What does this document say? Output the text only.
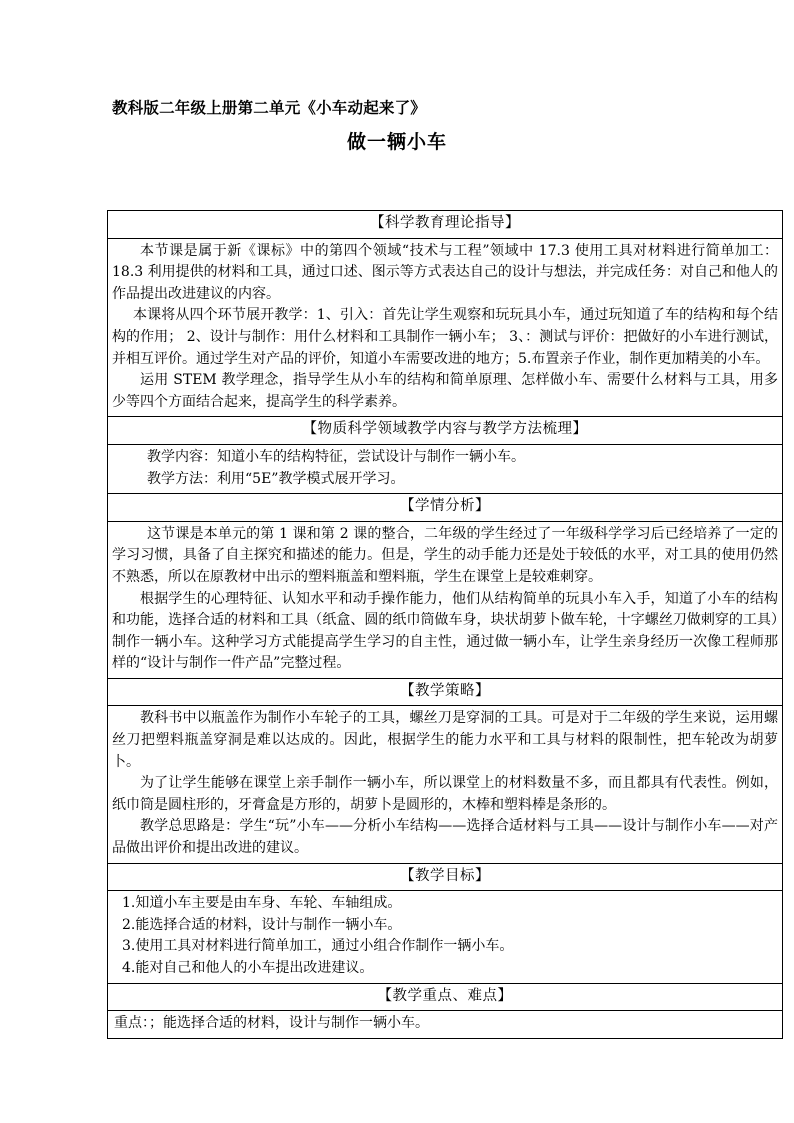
教科版二年级上册第二单元《小车动起来了》
做一辆小车
【科学教育理论指导】

本节课是属于新《课标》中的第四个领域“技术与工程”领域中 17.3 使用工具对材料进行简单加工：18.3 利用提供的材料和工具，通过口述、图示等方式表达自己的设计与想法，并完成任务：对自己和他人的作品提出改进建议的内容。

本课将从四个环节展开教学：1、引入：首先让学生观察和玩玩具小车，通过玩知道了车的结构和每个结构的作用； 2、设计与制作：用什么材料和工具制作一辆小车； 3、：测试与评价：把做好的小车进行测试，并相互评价。通过学生对产品的评价，知道小车需要改进的地方；5.布置亲子作业，制作更加精美的小车。

运用 STEM 教学理念，指导学生从小车的结构和简单原理、怎样做小车、需要什么材料与工具，用多少等四个方面结合起来，提高学生的科学素养。

【物质科学领域教学内容与教学方法梳理】

教学内容：知道小车的结构特征，尝试设计与制作一辆小车。

教学方法：利用“5E”教学模式展开学习。

【学情分析】

这节课是本单元的第 1 课和第 2 课的整合，二年级的学生经过了一年级科学学习后已经培养了一定的学习习惯，具备了自主探究和描述的能力。但是，学生的动手能力还是处于较低的水平，对工具的使用仍然不熟悉，所以在原教材中出示的塑料瓶盖和塑料瓶，学生在课堂上是较难刺穿。

根据学生的心理特征、认知水平和动手操作能力，他们从结构简单的玩具小车入手，知道了小车的结构和功能，选择合适的材料和工具（纸盒、圆的纸巾筒做车身，块状胡萝卜做车轮，十字螺丝刀做刺穿的工具）制作一辆小车。这种学习方式能提高学生学习的自主性，通过做一辆小车，让学生亲身经历一次像工程师那样的“设计与制作一件产品”完整过程。

【教学策略】

教科书中以瓶盖作为制作小车轮子的工具，螺丝刀是穿洞的工具。可是对于二年级的学生来说，运用螺丝刀把塑料瓶盖穿洞是难以达成的。因此，根据学生的能力水平和工具与材料的限制性，把车轮改为胡萝卜。

为了让学生能够在课堂上亲手制作一辆小车，所以课堂上的材料数量不多，而且都具有代表性。例如，纸巾筒是圆柱形的，牙膏盒是方形的，胡萝卜是圆形的，木棒和塑料棒是条形的。

教学总思路是：学生“玩”小车——分析小车结构——选择合适材料与工具——设计与制作小车——对产品做出评价和提出改进的建议。

【教学目标】

1.知道小车主要是由车身、车轮、车轴组成。

2.能选择合适的材料，设计与制作一辆小车。

3.使用工具对材料进行简单加工，通过小组合作制作一辆小车。

4.能对自己和他人的小车提出改进建议。

【教学重点、难点】

重点：；能选择合适的材料，设计与制作一辆小车。
